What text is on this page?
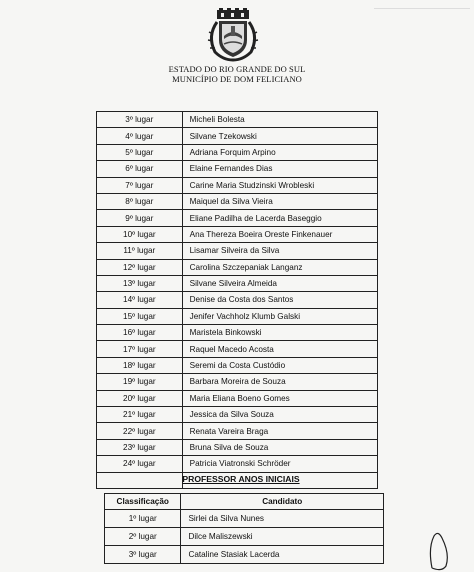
ESTADO DO RIO GRANDE DO SUL
MUNICÍPIO DE DOM FELICIANO
3º lugar	Micheli Bolesta
4º lugar	Silvane Tzekowski
5º lugar	Adriana Forquim Arpino
6º lugar	Elaine Fernandes Dias
7º lugar	Carine Maria Studzinski Wrobleski
8º lugar	Maiquel da Silva Vieira
9º lugar	Eliane Padilha de Lacerda Baseggio
10º lugar	Ana Thereza Boeira Oreste Finkenauer
11º lugar	Lisamar Silveira da Silva
12º lugar	Carolina Szczepaniak Langanz
13º lugar	Silvane Silveira Almeida
14º lugar	Denise da Costa dos Santos
15º lugar	Jenifer Vachholz Klumb Galski
16º lugar	Maristela Binkowski
17º lugar	Raquel Macedo Acosta
18º lugar	Seremi da Costa Custódio
19º lugar	Barbara Moreira de Souza
20º lugar	Maria Eliana Boeno Gomes
21º lugar	Jessica da Silva Souza
22º lugar	Renata Vareira Braga
23º lugar	Bruna Silva de Souza
24º lugar	Patricia Viatronski Schröder

PROFESSOR ANOS INICIAIS
Classificação	Candidato
1º lugar	Sirlei da Silva Nunes
2º lugar	Dilce Maliszewski
3º lugar	Cataline Stasiak Lacerda
